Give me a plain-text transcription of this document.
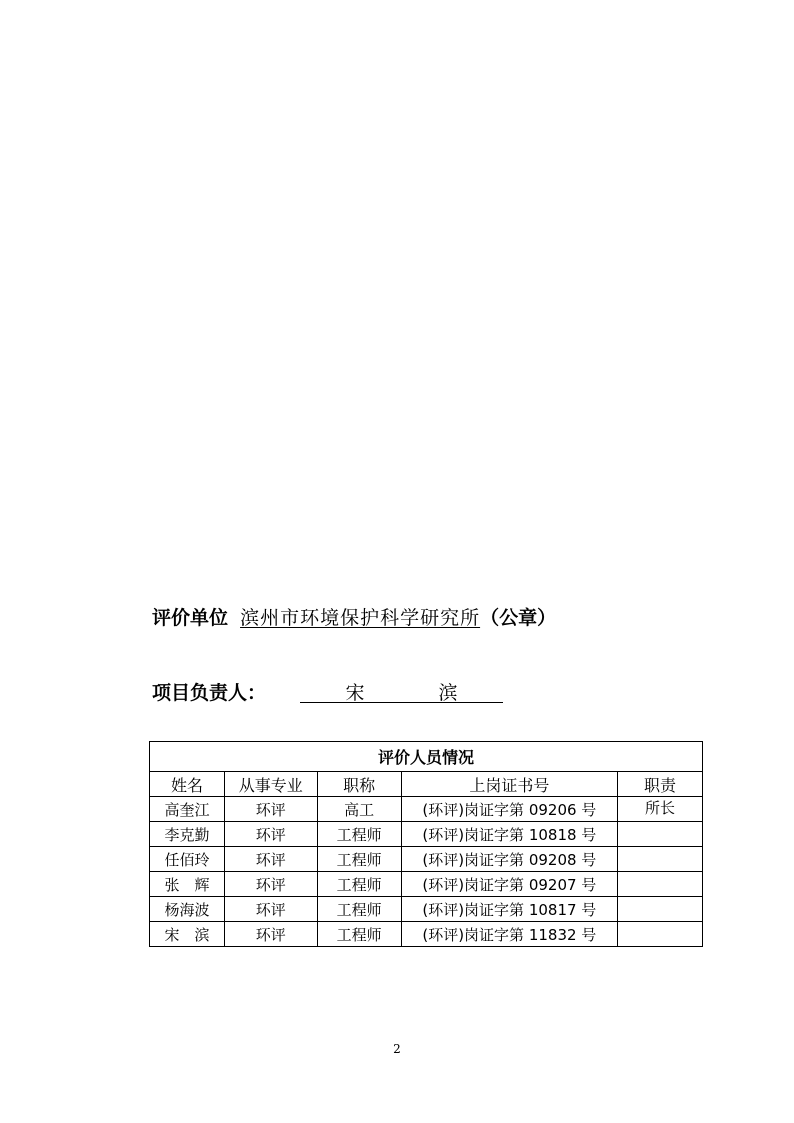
评价单位 滨州市环境保护科学研究所（公章）
项目负责人：	宋	滨
评价人员情况				
姓名	从事专业	职称	上岗证书号	职责
高奎江	环评	高工	(环评)岗证字第 09206 号	所长
李克勤	环评	工程师	(环评)岗证字第 10818 号	
任佰玲	环评	工程师	(环评)岗证字第 09208 号	
张　辉	环评	工程师	(环评)岗证字第 09207 号	
杨海波	环评	工程师	(环评)岗证字第 10817 号	
宋　滨	环评	工程师	(环评)岗证字第 11832 号	
2
